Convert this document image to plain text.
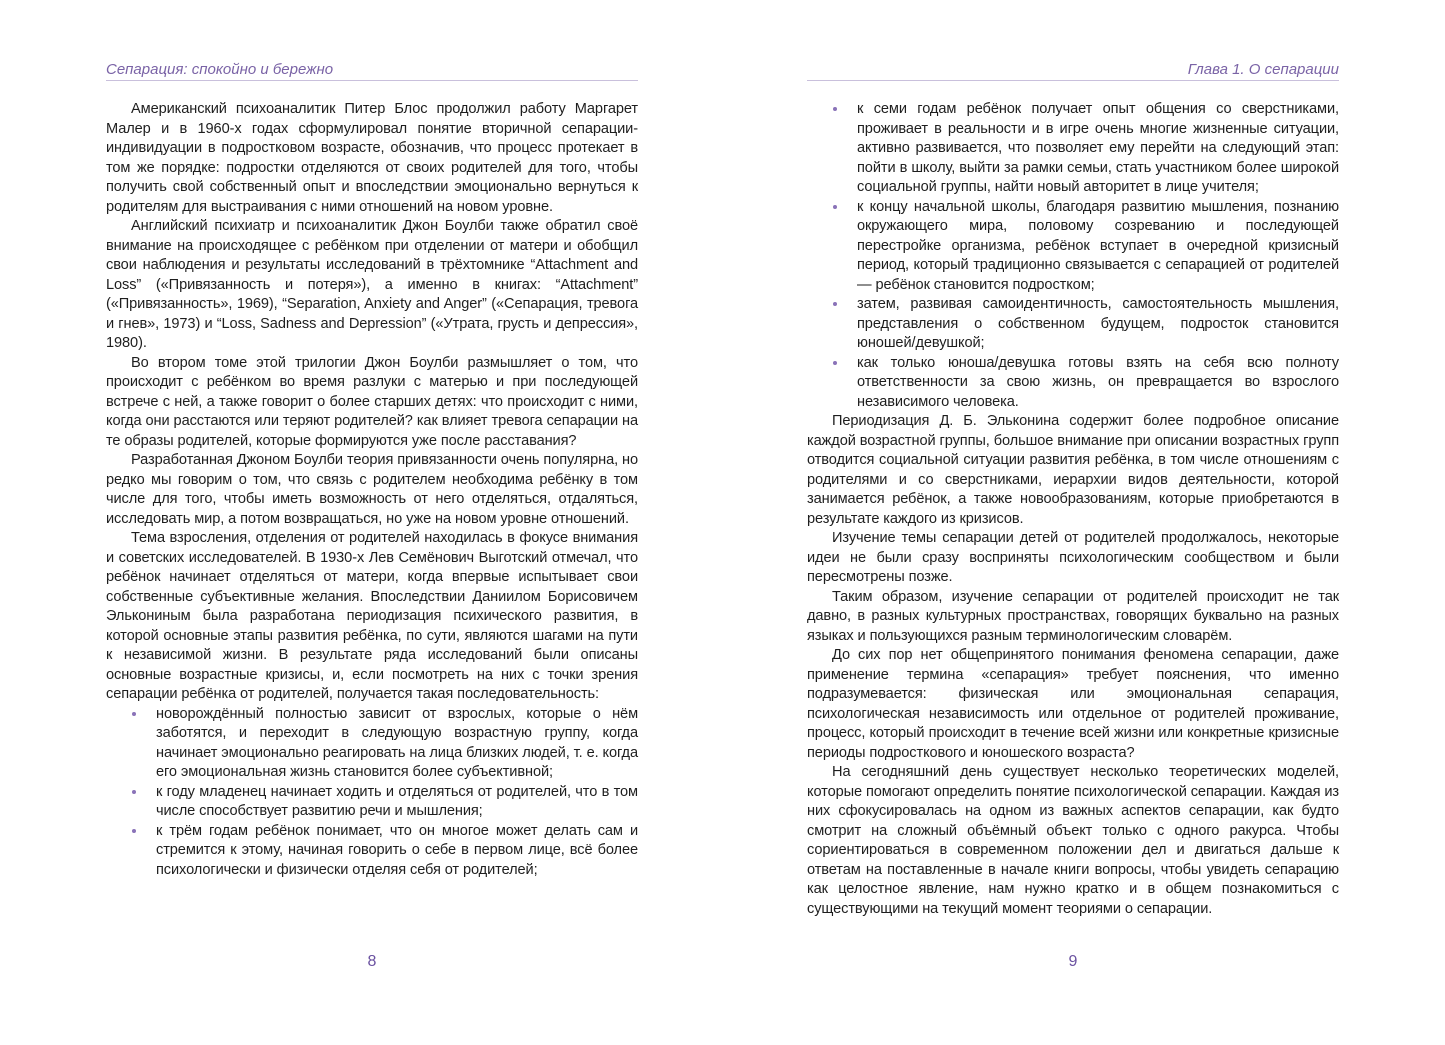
Сепарация: спокойно и бережно

Американский психоаналитик Питер Блос продолжил работу Маргарет Малер и в 1960-х годах сформулировал понятие вторичной сепарации-индивидуации в подростковом возрасте, обозначив, что процесс протекает в том же порядке: подростки отделяются от своих родителей для того, чтобы получить свой собственный опыт и впоследствии эмоционально вернуться к родителям для выстраивания с ними отношений на новом уровне.

Английский психиатр и психоаналитик Джон Боулби также обратил своё внимание на происходящее с ребёнком при отделении от матери и обобщил свои наблюдения и результаты исследований в трёхтомнике “Attachment and Loss” («Привязанность и потеря»), а именно в книгах: “Attachment” («Привязанность», 1969), “Separation, Anxiety and Anger” («Сепарация, тревога и гнев», 1973) и “Loss, Sadness and Depression” («Утрата, грусть и депрессия», 1980).

Во втором томе этой трилогии Джон Боулби размышляет о том, что происходит с ребёнком во время разлуки с матерью и при последующей встрече с ней, а также говорит о более старших детях: что происходит с ними, когда они расстаются или теряют родителей? как влияет тревога сепарации на те образы родителей, которые формируются уже после расставания?

Разработанная Джоном Боулби теория привязанности очень популярна, но редко мы говорим о том, что связь с родителем необходима ребёнку в том числе для того, чтобы иметь возможность от него отделяться, отдаляться, исследовать мир, а потом возвращаться, но уже на новом уровне отношений.

Тема взросления, отделения от родителей находилась в фокусе внимания и советских исследователей. В 1930-х Лев Семёнович Выготский отмечал, что ребёнок начинает отделяться от матери, когда впервые испытывает свои собственные субъективные желания. Впоследствии Даниилом Борисовичем Элькониным была разработана периодизация психического развития, в которой основные этапы развития ребёнка, по сути, являются шагами на пути к независимой жизни. В результате ряда исследований были описаны основные возрастные кризисы, и, если посмотреть на них с точки зрения сепарации ребёнка от родителей, получается такая последовательность:

новорождённый полностью зависит от взрослых, которые о нём заботятся, и переходит в следующую возрастную группу, когда начинает эмоционально реагировать на лица близких людей, т. е. когда его эмоциональная жизнь становится более субъективной;
к году младенец начинает ходить и отделяться от родителей, что в том числе способствует развитию речи и мышления;
к трём годам ребёнок понимает, что он многое может делать сам и стремится к этому, начиная говорить о себе в первом лице, всё более психологически и физически отделяя себя от родителей;
8
Глава 1. О сепарации
к семи годам ребёнок получает опыт общения со сверстниками, проживает в реальности и в игре очень многие жизненные ситуации, активно развивается, что позволяет ему перейти на следующий этап: пойти в школу, выйти за рамки семьи, стать участником более широкой социальной группы, найти новый авторитет в лице учителя;
к концу начальной школы, благодаря развитию мышления, познанию окружающего мира, половому созреванию и последующей перестройке организма, ребёнок вступает в очередной кризисный период, который традиционно связывается с сепарацией от родителей — ребёнок становится подростком;
затем, развивая самоидентичность, самостоятельность мышления, представления о собственном будущем, подросток становится юношей/девушкой;
как только юноша/девушка готовы взять на себя всю полноту ответственности за свою жизнь, он превращается во взрослого независимого человека.

Периодизация Д. Б. Эльконина содержит более подробное описание каждой возрастной группы, большое внимание при описании возрастных групп отводится социальной ситуации развития ребёнка, в том числе отношениям с родителями и со сверстниками, иерархии видов деятельности, которой занимается ребёнок, а также новообразованиям, которые приобретаются в результате каждого из кризисов.

Изучение темы сепарации детей от родителей продолжалось, некоторые идеи не были сразу восприняты психологическим сообществом и были пересмотрены позже.

Таким образом, изучение сепарации от родителей происходит не так давно, в разных культурных пространствах, говорящих буквально на разных языках и пользующихся разным терминологическим словарём.

До сих пор нет общепринятого понимания феномена сепарации, даже применение термина «сепарация» требует пояснения, что именно подразумевается: физическая или эмоциональная сепарация, психологическая независимость или отдельное от родителей проживание, процесс, который происходит в течение всей жизни или конкретные кризисные периоды подросткового и юношеского возраста?

На сегодняшний день существует несколько теоретических моделей, которые помогают определить понятие психологической сепарации. Каждая из них сфокусировалась на одном из важных аспектов сепарации, как будто смотрит на сложный объёмный объект только с одного ракурса. Чтобы сориентироваться в современном положении дел и двигаться дальше к ответам на поставленные в начале книги вопросы, чтобы увидеть сепарацию как целостное явление, нам нужно кратко и в общем познакомиться с существующими на текущий момент теориями о сепарации.

9
